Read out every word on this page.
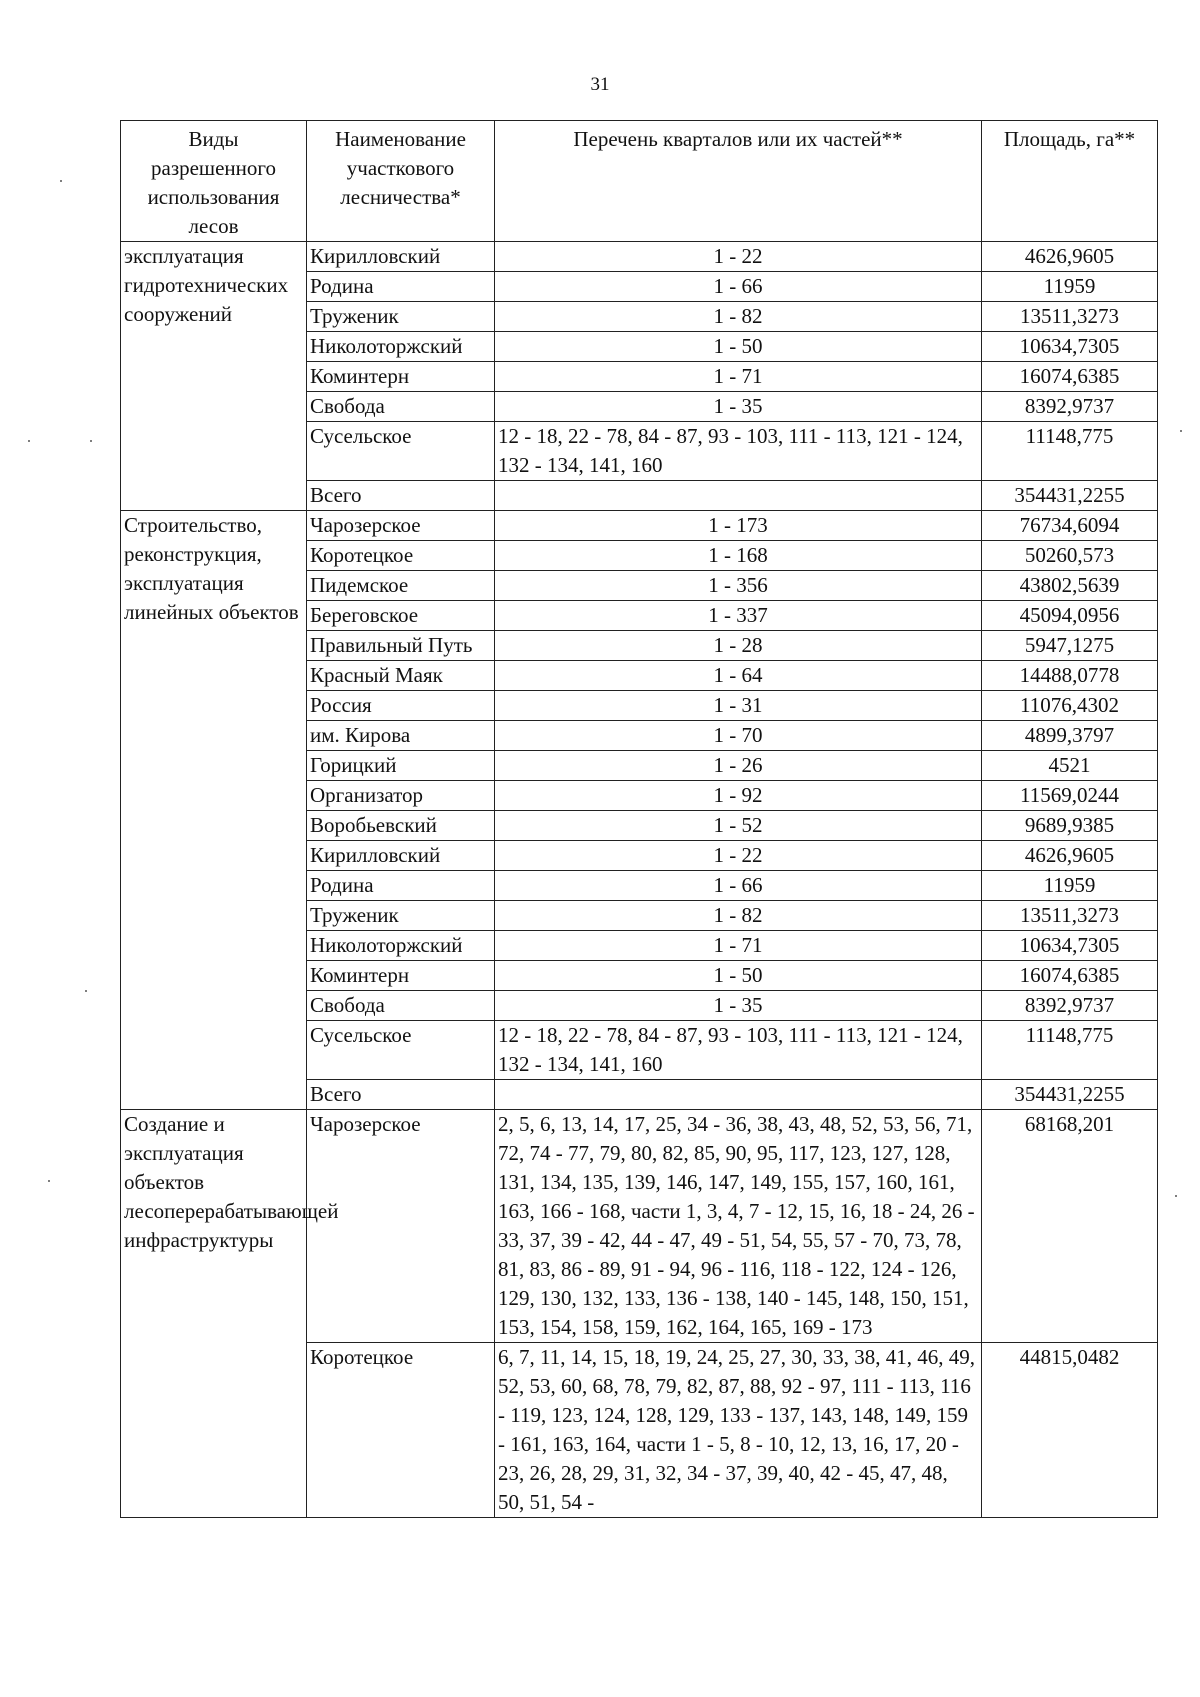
31
Виды разрешенного использования лесов	Наименование участкового лесничества*	Перечень кварталов или их частей**	Площадь, га**
эксплуатация гидротехнических сооружений	Кирилловский	1 - 22	4626,9605
	Родина	1 - 66	11959
	Труженик	1 - 82	13511,3273
	Николоторжский	1 - 50	10634,7305
	Коминтерн	1 - 71	16074,6385
	Свобода	1 - 35	8392,9737
	Сусельское	12 - 18, 22 - 78, 84 - 87, 93 - 103, 111 - 113, 121 - 124, 132 - 134, 141, 160	11148,775
	Всего		354431,2255
Строительство, реконструкция, эксплуатация линейных объектов	Чарозерское	1 - 173	76734,6094
	Коротецкое	1 - 168	50260,573
	Пидемское	1 - 356	43802,5639
	Береговское	1 - 337	45094,0956
	Правильный Путь	1 - 28	5947,1275
	Красный Маяк	1 - 64	14488,0778
	Россия	1 - 31	11076,4302
	им. Кирова	1 - 70	4899,3797
	Горицкий	1 - 26	4521
	Организатор	1 - 92	11569,0244
	Воробьевский	1 - 52	9689,9385
	Кирилловский	1 - 22	4626,9605
	Родина	1 - 66	11959
	Труженик	1 - 82	13511,3273
	Николоторжский	1 - 71	10634,7305
	Коминтерн	1 - 50	16074,6385
	Свобода	1 - 35	8392,9737
	Сусельское	12 - 18, 22 - 78, 84 - 87, 93 - 103, 111 - 113, 121 - 124, 132 - 134, 141, 160	11148,775
	Всего		354431,2255
Создание и эксплуатация объектов лесоперерабатывающей инфраструктуры	Чарозерское	2, 5, 6, 13, 14, 17, 25, 34 - 36, 38, 43, 48, 52, 53, 56, 71, 72, 74 - 77, 79, 80, 82, 85, 90, 95, 117, 123, 127, 128, 131, 134, 135, 139, 146, 147, 149, 155, 157, 160, 161, 163, 166 - 168, части 1, 3, 4, 7 - 12, 15, 16, 18 - 24, 26 - 33, 37, 39 - 42, 44 - 47, 49 - 51, 54, 55, 57 - 70, 73, 78, 81, 83, 86 - 89, 91 - 94, 96 - 116, 118 - 122, 124 - 126, 129, 130, 132, 133, 136 - 138, 140 - 145, 148, 150, 151, 153, 154, 158, 159, 162, 164, 165, 169 - 173	68168,201
	Коротецкое	6, 7, 11, 14, 15, 18, 19, 24, 25, 27, 30, 33, 38, 41, 46, 49, 52, 53, 60, 68, 78, 79, 82, 87, 88, 92 - 97, 111 - 113, 116 - 119, 123, 124, 128, 129, 133 - 137, 143, 148, 149, 159 - 161, 163, 164, части 1 - 5, 8 - 10, 12, 13, 16, 17, 20 - 23, 26, 28, 29, 31, 32, 34 - 37, 39, 40, 42 - 45, 47, 48, 50, 51, 54 -	44815,0482
